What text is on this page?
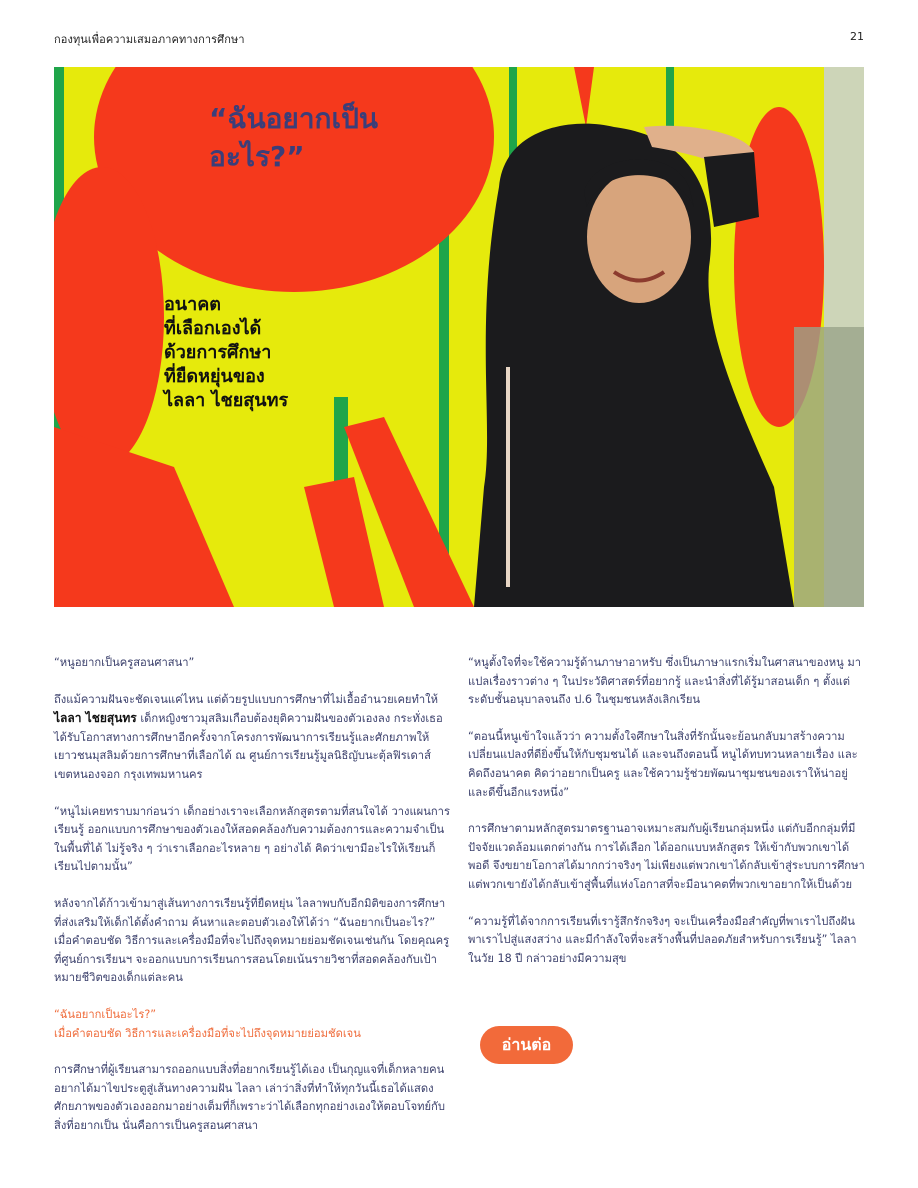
กองทุนเพื่อความเสมอภาคทางการศึกษา	21
“ฉันอยากเป็น
อะไร?”
อนาคต
ที่เลือกเองได้
ด้วยการศึกษา
ที่ยืดหยุ่นของ
ไลลา ไชยสุนทร

“หนูอยากเป็นครูสอนศาสนา”

ถึงแม้ความฝันจะชัดเจนแค่ไหน แต่ด้วยรูปแบบการศึกษาที่ไม่เอื้ออำนวยเคยทำให้ไลลา ไชยสุนทร เด็กหญิงชาวมุสลิมเกือบต้องยุติความฝันของตัวเองลง กระทั่งเธอได้รับโอกาสทางการศึกษาอีกครั้งจากโครงการพัฒนาการเรียนรู้และศักยภาพให้เยาวชนมุสลิมด้วยการศึกษาที่เลือกได้ ณ ศูนย์การเรียนรู้มูลนิธิญับนะตุ้ลฟิรเดาส์ เขตหนองจอก กรุงเทพมหานคร

“หนูไม่เคยทราบมาก่อนว่า เด็กอย่างเราจะเลือกหลักสูตรตามที่สนใจได้ วางแผนการเรียนรู้ ออกแบบการศึกษาของตัวเองให้สอดคล้องกับความต้องการและความจำเป็นในพื้นที่ได้ ไม่รู้จริง ๆ ว่าเราเลือกอะไรหลาย ๆ อย่างได้ คิดว่าเขามีอะไรให้เรียนก็เรียนไปตามนั้น”

หลังจากได้ก้าวเข้ามาสู่เส้นทางการเรียนรู้ที่ยืดหยุ่น ไลลาพบกับอีกมิติของการศึกษาที่ส่งเสริมให้เด็กได้ตั้งคำถาม ค้นหาและตอบตัวเองให้ได้ว่า “ฉันอยากเป็นอะไร?” เมื่อคำตอบชัด วิธีการและเครื่องมือที่จะไปถึงจุดหมายย่อมชัดเจนเช่นกัน โดยคุณครูที่ศูนย์การเรียนฯ จะออกแบบการเรียนการสอนโดยเน้นรายวิชาที่สอดคล้องกับเป้าหมายชีวิตของเด็กแต่ละคน

“ฉันอยากเป็นอะไร?”
เมื่อคำตอบชัด วิธีการและเครื่องมือที่จะไปถึงจุดหมายย่อมชัดเจน

การศึกษาที่ผู้เรียนสามารถออกแบบสิ่งที่อยากเรียนรู้ได้เอง เป็นกุญแจที่เด็กหลายคนอยากได้มาไขประตูสู่เส้นทางความฝัน ไลลา เล่าว่าสิ่งที่ทำให้ทุกวันนี้เธอได้แสดงศักยภาพของตัวเองออกมาอย่างเต็มที่ก็เพราะว่าได้เลือกทุกอย่างเองให้ตอบโจทย์กับสิ่งที่อยากเป็น นั่นคือการเป็นครูสอนศาสนา

“หนูตั้งใจที่จะใช้ความรู้ด้านภาษาอาหรับ ซึ่งเป็นภาษาแรกเริ่มในศาสนาของหนู มาแปลเรื่องราวต่าง ๆ ในประวัติศาสตร์ที่อยากรู้ และนำสิ่งที่ได้รู้มาสอนเด็ก ๆ ตั้งแต่ระดับชั้นอนุบาลจนถึง ป.6 ในชุมชนหลังเลิกเรียน

“ตอนนี้หนูเข้าใจแล้วว่า ความตั้งใจศึกษาในสิ่งที่รักนั้นจะย้อนกลับมาสร้างความเปลี่ยนแปลงที่ดียิ่งขึ้นให้กับชุมชนได้ และจนถึงตอนนี้ หนูได้ทบทวนหลายเรื่อง และคิดถึงอนาคต คิดว่าอยากเป็นครู และใช้ความรู้ช่วยพัฒนาชุมชนของเราให้น่าอยู่และดีขึ้นอีกแรงหนึ่ง”

การศึกษาตามหลักสูตรมาตรฐานอาจเหมาะสมกับผู้เรียนกลุ่มหนึ่ง แต่กับอีกกลุ่มที่มีปัจจัยแวดล้อมแตกต่างกัน การได้เลือก ได้ออกแบบหลักสูตร ให้เข้ากับพวกเขาได้พอดี จึงขยายโอกาสได้มากกว่าจริงๆ ไม่เพียงแต่พวกเขาได้กลับเข้าสู่ระบบการศึกษา แต่พวกเขายังได้กลับเข้าสู่พื้นที่แห่งโอกาสที่จะมีอนาคตที่พวกเขาอยากให้เป็นด้วย

“ความรู้ที่ได้จากการเรียนที่เรารู้สึกรักจริงๆ จะเป็นเครื่องมือสำคัญที่พาเราไปถึงฝัน พาเราไปสู่แสงสว่าง และมีกำลังใจที่จะสร้างพื้นที่ปลอดภัยสำหรับการเรียนรู้” ไลลา ในวัย 18 ปี กล่าวอย่างมีความสุข

อ่านต่อ
